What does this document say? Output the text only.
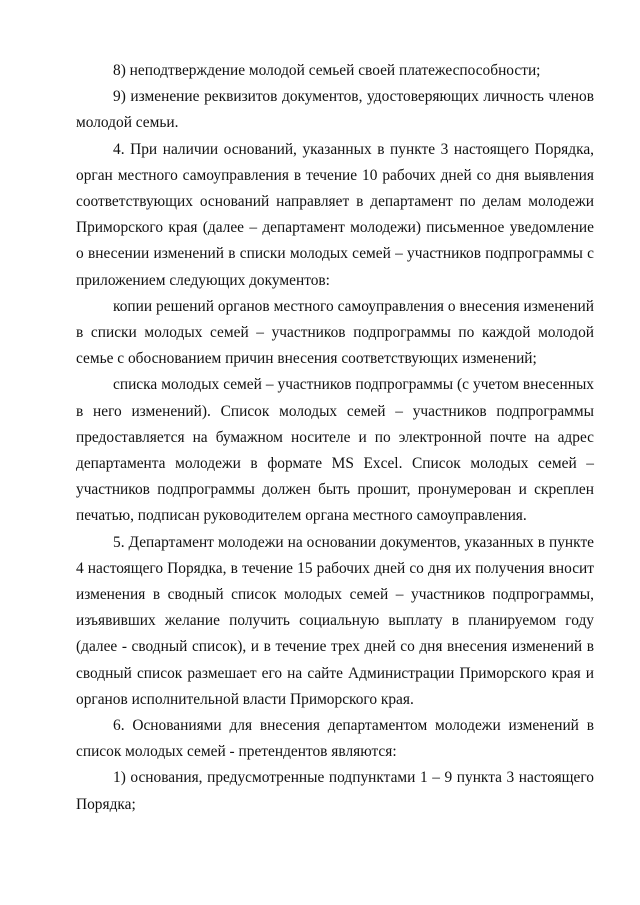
8) неподтверждение молодой семьей своей платежеспособности;

9) изменение реквизитов документов, удостоверяющих личность членов молодой семьи.

4. При наличии оснований, указанных в пункте 3 настоящего Порядка, орган местного самоуправления в течение 10 рабочих дней со дня выявления соответствующих оснований направляет в департамент по делам молодежи Приморского края (далее – департамент молодежи) письменное уведомление о внесении изменений в списки молодых семей – участников подпрограммы с приложением следующих документов:

копии решений органов местного самоуправления о внесения изменений в списки молодых семей – участников подпрограммы по каждой молодой семье с обоснованием причин внесения соответствующих изменений;

списка молодых семей – участников подпрограммы (с учетом внесенных в него изменений). Список молодых семей – участников подпрограммы предоставляется на бумажном носителе и по электронной почте на адрес департамента молодежи в формате MS Excel. Список молодых семей – участников подпрограммы должен быть прошит, пронумерован и скреплен печатью, подписан руководителем органа местного самоуправления.

5. Департамент молодежи на основании документов, указанных в пункте 4 настоящего Порядка, в течение 15 рабочих дней со дня их получения вносит изменения в сводный список молодых семей – участников подпрограммы, изъявивших желание получить социальную выплату в планируемом году (далее - сводный список), и в течение трех дней со дня внесения изменений в сводный список размешает его на сайте Администрации Приморского края и органов исполнительной власти Приморского края.

6. Основаниями для внесения департаментом молодежи изменений в список молодых семей - претендентов являются:

1) основания, предусмотренные подпунктами 1 – 9 пункта 3 настоящего Порядка;
